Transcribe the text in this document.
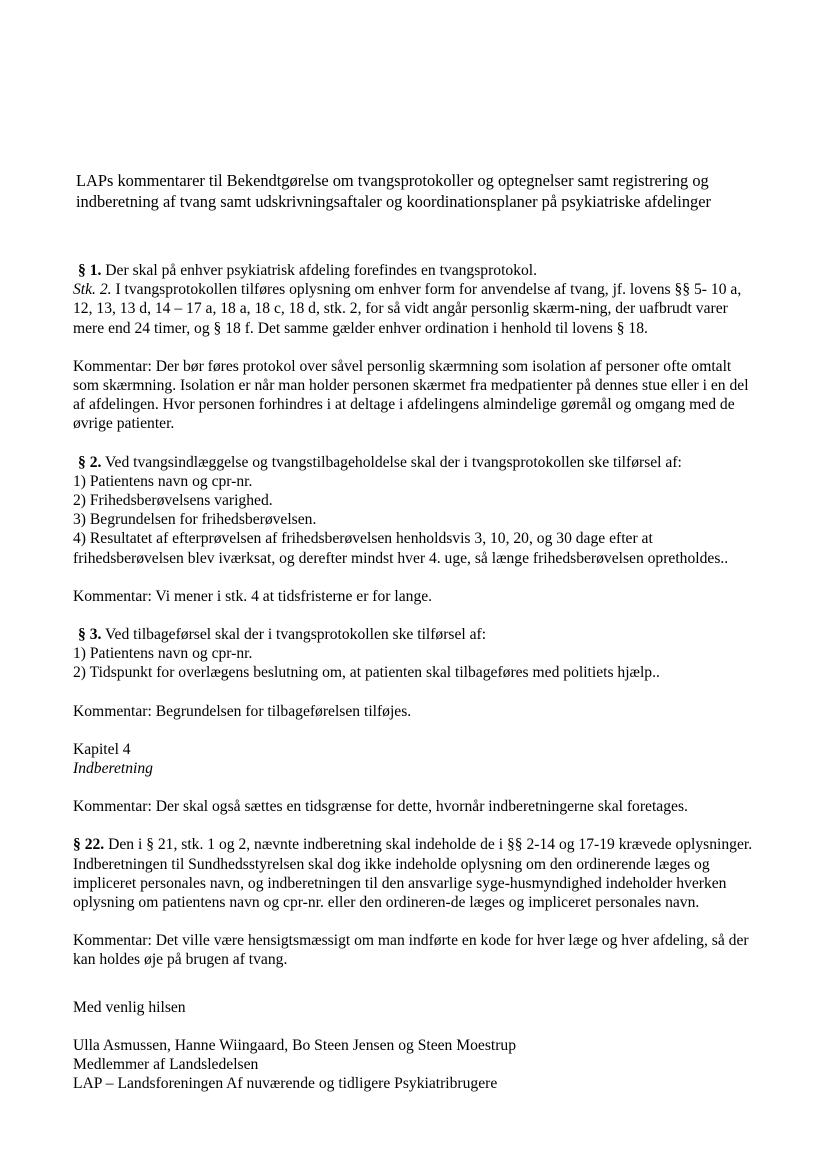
LAPs kommentarer til Bekendtgørelse om tvangsprotokoller og optegnelser samt registrering og
indberetning af tvang samt udskrivningsaftaler og koordinationsplaner på psykiatriske afdelinger

§ 1. Der skal på enhver psykiatrisk afdeling forefindes en tvangsprotokol.
Stk. 2. I tvangsprotokollen tilføres oplysning om enhver form for anvendelse af tvang, jf. lovens §§ 5- 10 a,
12, 13, 13 d, 14 – 17 a, 18 a, 18 c, 18 d, stk. 2, for så vidt angår personlig skærm-ning, der uafbrudt varer
mere end 24 timer, og § 18 f. Det samme gælder enhver ordination i henhold til lovens § 18.

Kommentar: Der bør føres protokol over såvel personlig skærmning som isolation af personer ofte omtalt
som skærmning. Isolation er når man holder personen skærmet fra medpatienter på dennes stue eller i en del
af afdelingen. Hvor personen forhindres i at deltage i afdelingens almindelige gøremål og omgang med de
øvrige patienter.

§ 2. Ved tvangsindlæggelse og tvangstilbageholdelse skal der i tvangsprotokollen ske tilførsel af:
1) Patientens navn og cpr-nr.
2) Frihedsberøvelsens varighed.
3) Begrundelsen for frihedsberøvelsen.
4) Resultatet af efterprøvelsen af frihedsberøvelsen henholdsvis 3, 10, 20, og 30 dage efter at
frihedsberøvelsen blev iværksat, og derefter mindst hver 4. uge, så længe frihedsberøvelsen opretholdes..

Kommentar: Vi mener i stk. 4 at tidsfristerne er for lange.

§ 3. Ved tilbageførsel skal der i tvangsprotokollen ske tilførsel af:
1) Patientens navn og cpr-nr.
2) Tidspunkt for overlægens beslutning om, at patienten skal tilbageføres med politiets hjælp..

Kommentar: Begrundelsen for tilbageførelsen tilføjes.

Kapitel 4
Indberetning

Kommentar: Der skal også sættes en tidsgrænse for dette, hvornår indberetningerne skal foretages.

§ 22. Den i § 21, stk. 1 og 2, nævnte indberetning skal indeholde de i §§ 2-14 og 17-19 krævede oplysninger.
Indberetningen til Sundhedsstyrelsen skal dog ikke indeholde oplysning om den ordinerende læges og
impliceret personales navn, og indberetningen til den ansvarlige syge-husmyndighed indeholder hverken
oplysning om patientens navn og cpr-nr. eller den ordineren-de læges og impliceret personales navn.

Kommentar: Det ville være hensigtsmæssigt om man indførte en kode for hver læge og hver afdeling, så der
kan holdes øje på brugen af tvang.

Med venlig hilsen

Ulla Asmussen, Hanne Wiingaard, Bo Steen Jensen og Steen Moestrup
Medlemmer af Landsledelsen
LAP – Landsforeningen Af nuværende og tidligere Psykiatribrugere
